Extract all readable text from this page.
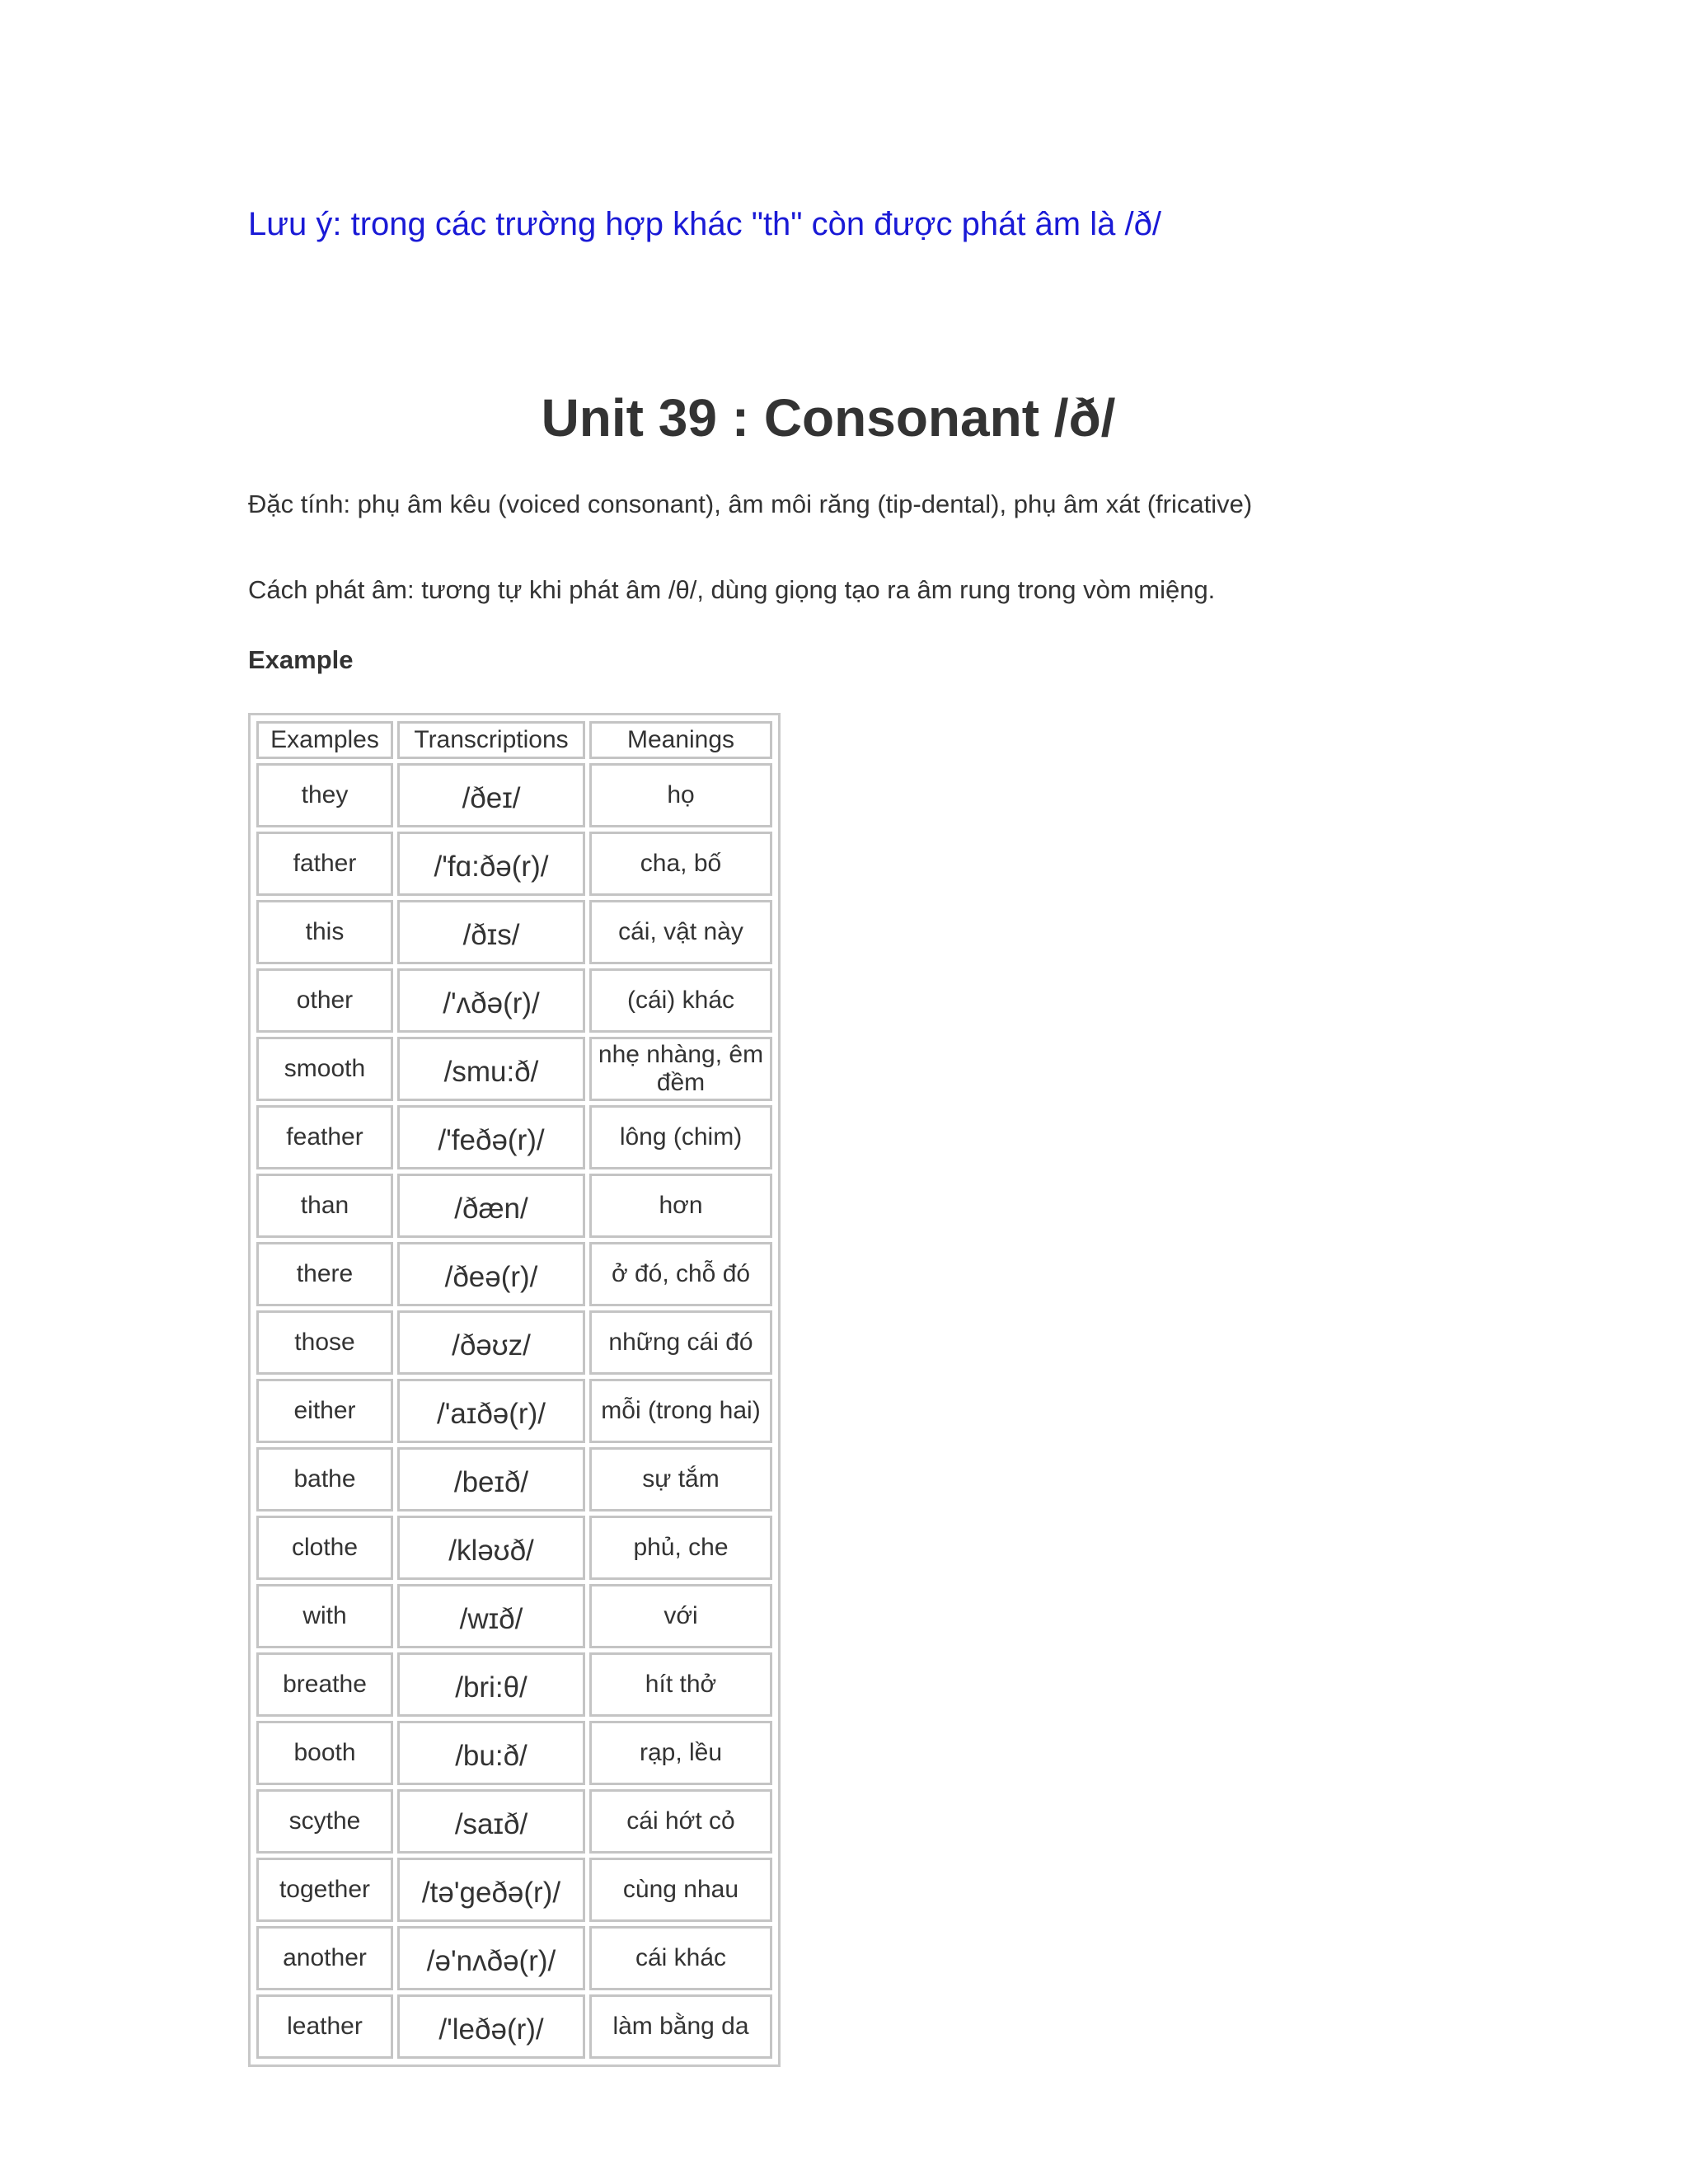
Lưu ý: trong các trường hợp khác "th" còn được phát âm là /ð/
Unit 39 : Consonant /ð/
Đặc tính: phụ âm kêu (voiced consonant), âm môi răng (tip-dental), phụ âm xát (fricative)
Cách phát âm: tương tự khi phát âm /θ/, dùng giọng tạo ra âm rung trong vòm miệng.
Example
Examples	Transcriptions	Meanings
they	/ðeɪ/	họ
father	/'fɑ:ðə(r)/	cha, bố
this	/ðɪs/	cái, vật này
other	/'ʌðə(r)/	(cái) khác
smooth	/smu:ð/	nhẹ nhàng, êm đềm
feather	/'feðə(r)/	lông (chim)
than	/ðæn/	hơn
there	/ðeə(r)/	ở đó, chỗ đó
those	/ðəʊz/	những cái đó
either	/'aɪðə(r)/	mỗi (trong hai)
bathe	/beɪð/	sự tắm
clothe	/kləʊð/	phủ, che
with	/wɪð/	với
breathe	/bri:θ/	hít thở
booth	/bu:ð/	rạp, lều
scythe	/saɪð/	cái hớt cỏ
together	/tə'geðə(r)/	cùng nhau
another	/ə'nʌðə(r)/	cái khác
leather	/'leðə(r)/	làm bằng da
